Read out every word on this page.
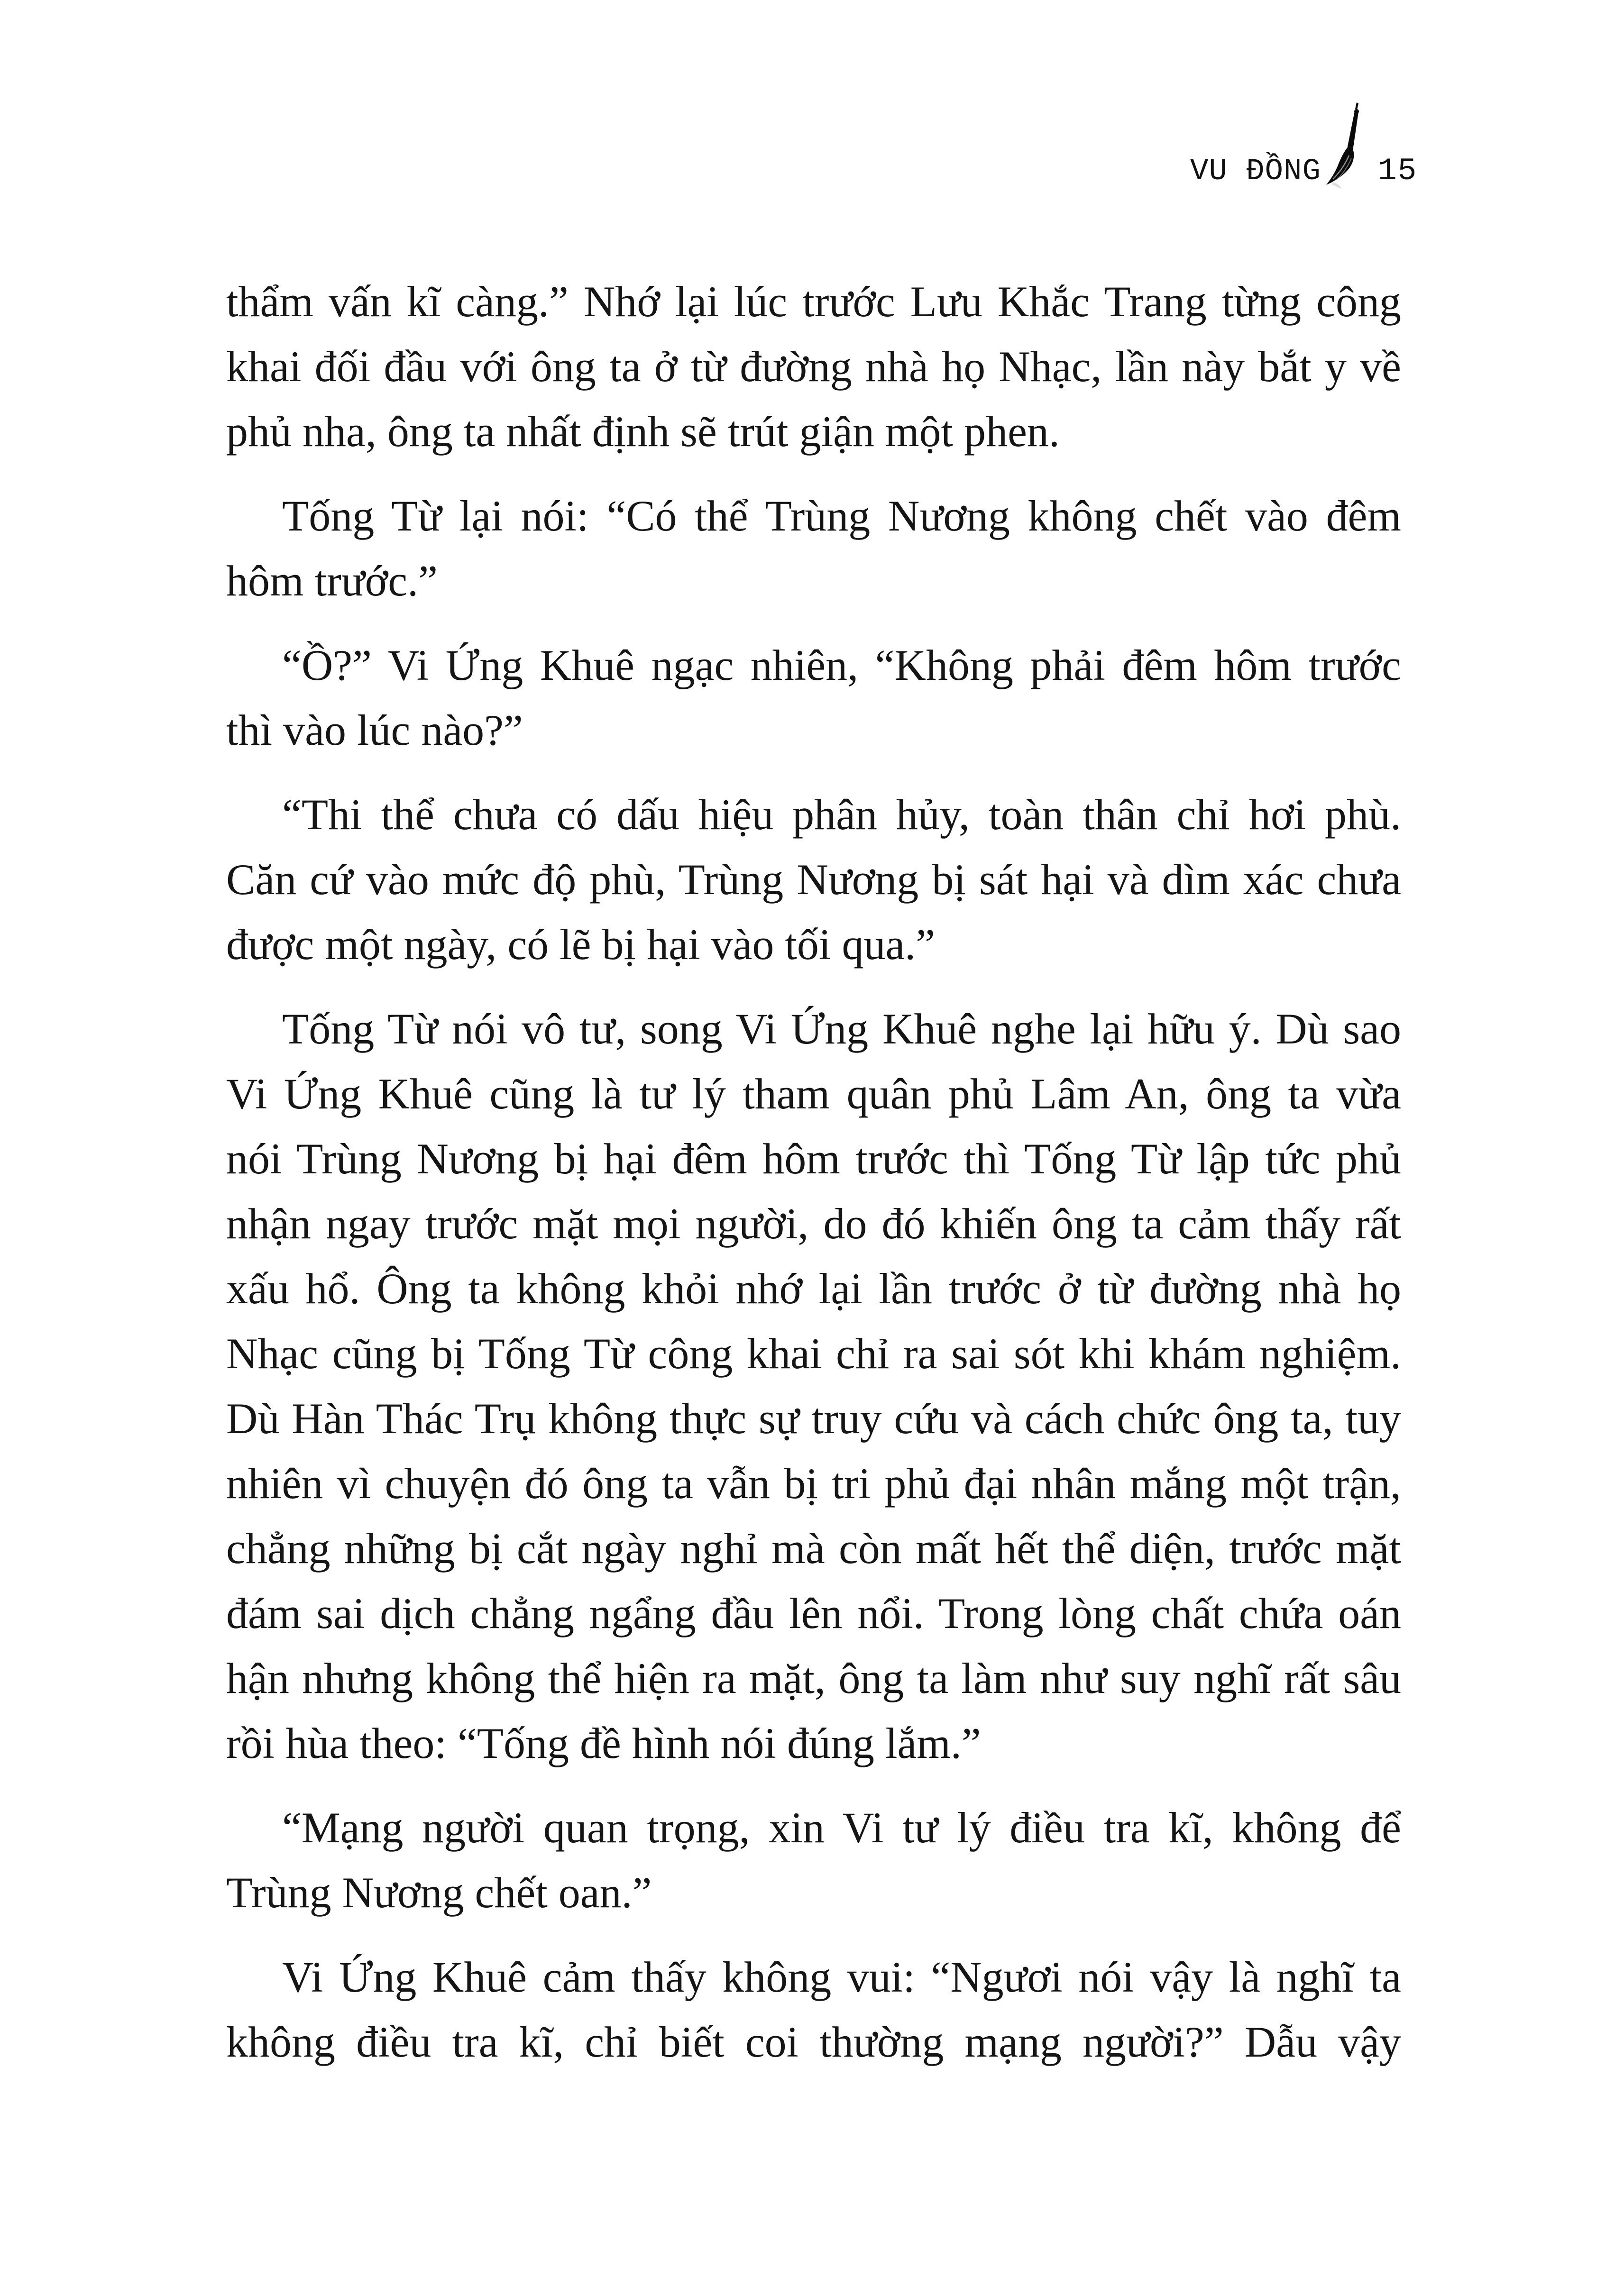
VU ĐỒNG 15
thẩm vấn kĩ càng.” Nhớ lại lúc trước Lưu Khắc Trang từng công
khai đối đầu với ông ta ở từ đường nhà họ Nhạc, lần này bắt y về
phủ nha, ông ta nhất định sẽ trút giận một phen.
Tống Từ lại nói: “Có thể Trùng Nương không chết vào đêm
hôm trước.”
“Ồ?” Vi Ứng Khuê ngạc nhiên, “Không phải đêm hôm trước
thì vào lúc nào?”
“Thi thể chưa có dấu hiệu phân hủy, toàn thân chỉ hơi phù.
Căn cứ vào mức độ phù, Trùng Nương bị sát hại và dìm xác chưa
được một ngày, có lẽ bị hại vào tối qua.”
Tống Từ nói vô tư, song Vi Ứng Khuê nghe lại hữu ý. Dù sao
Vi Ứng Khuê cũng là tư lý tham quân phủ Lâm An, ông ta vừa
nói Trùng Nương bị hại đêm hôm trước thì Tống Từ lập tức phủ
nhận ngay trước mặt mọi người, do đó khiến ông ta cảm thấy rất
xấu hổ. Ông ta không khỏi nhớ lại lần trước ở từ đường nhà họ
Nhạc cũng bị Tống Từ công khai chỉ ra sai sót khi khám nghiệm.
Dù Hàn Thác Trụ không thực sự truy cứu và cách chức ông ta, tuy
nhiên vì chuyện đó ông ta vẫn bị tri phủ đại nhân mắng một trận,
chẳng những bị cắt ngày nghỉ mà còn mất hết thể diện, trước mặt
đám sai dịch chẳng ngẩng đầu lên nổi. Trong lòng chất chứa oán
hận nhưng không thể hiện ra mặt, ông ta làm như suy nghĩ rất sâu
rồi hùa theo: “Tống đề hình nói đúng lắm.”
“Mạng người quan trọng, xin Vi tư lý điều tra kĩ, không để
Trùng Nương chết oan.”
Vi Ứng Khuê cảm thấy không vui: “Ngươi nói vậy là nghĩ ta
không điều tra kĩ, chỉ biết coi thường mạng người?” Dẫu vậy
